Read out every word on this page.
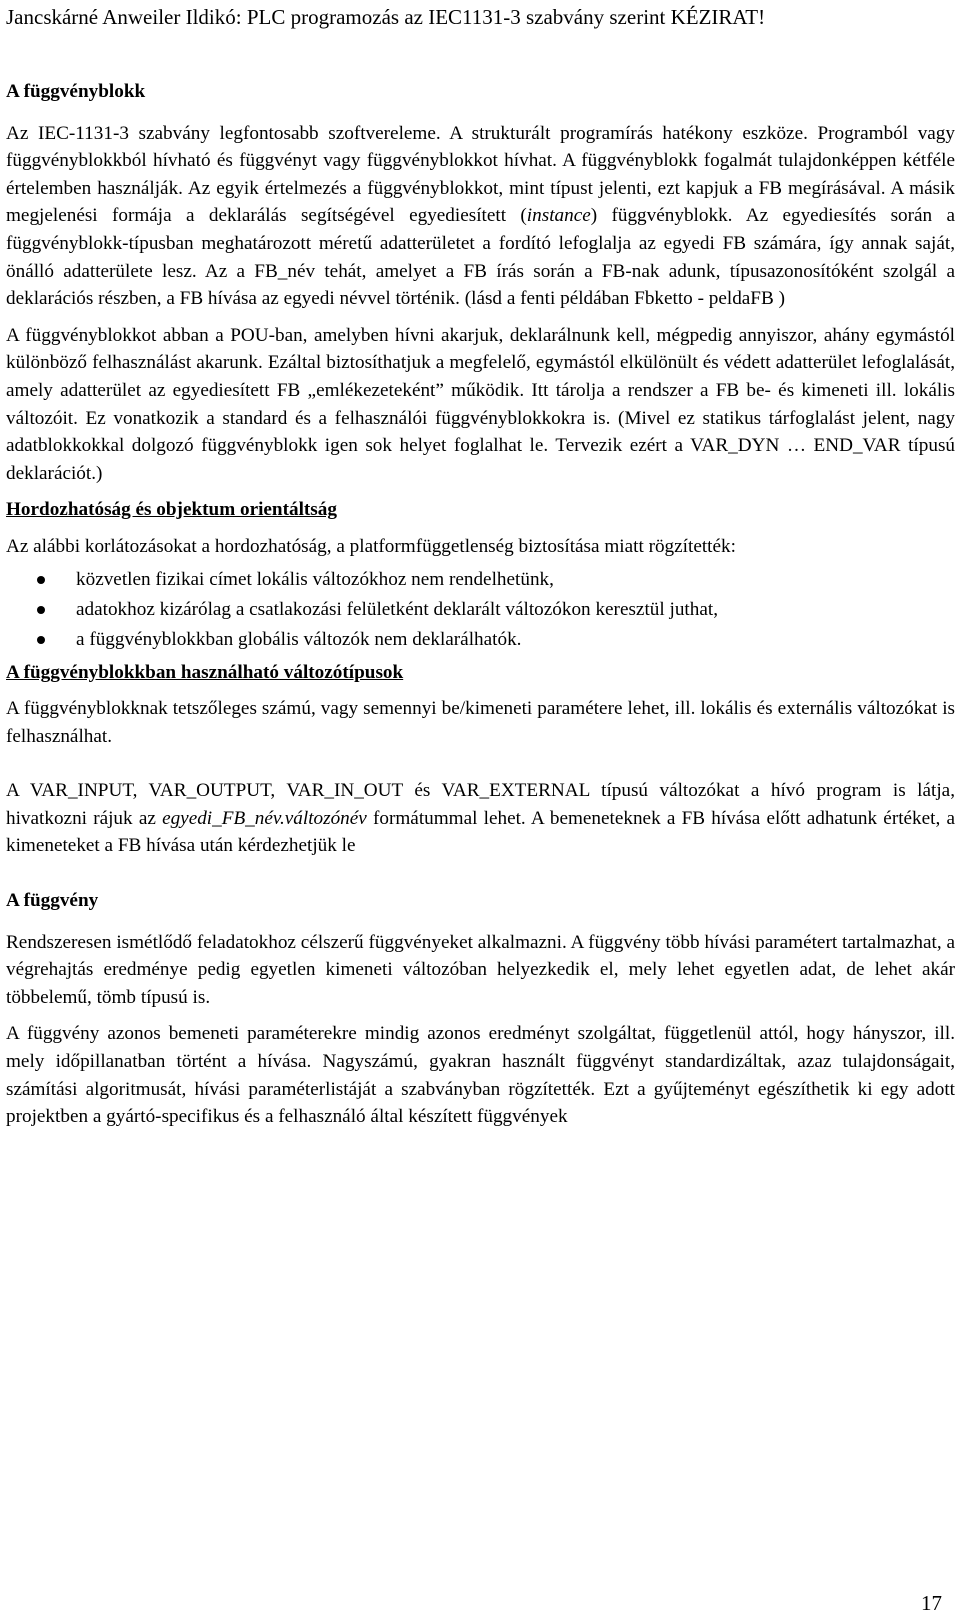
Jancskárné Anweiler Ildikó: PLC programozás az IEC1131-3 szabvány szerint KÉZIRAT!
A függvényblokk

Az IEC-1131-3 szabvány legfontosabb szoftvereleme. A strukturált programírás hatékony eszköze. Programból vagy függvényblokkból hívható és függvényt vagy függvényblokkot hívhat. A függvényblokk fogalmát tulajdonképpen kétféle értelemben használják. Az egyik értelmezés a függvényblokkot, mint típust jelenti, ezt kapjuk a FB megírásával. A másik megjelenési formája a deklarálás segítségével egyediesített (instance) függvényblokk. Az egyediesítés során a függvényblokk-típusban meghatározott méretű adatterületet a fordító lefoglalja az egyedi FB számára, így annak saját, önálló adatterülete lesz. Az a FB_név tehát, amelyet a FB írás során a FB-nak adunk, típusazonosítóként szolgál a deklarációs részben, a FB hívása az egyedi névvel történik. (lásd a fenti példában Fbketto - peldaFB )

A függvényblokkot abban a POU-ban, amelyben hívni akarjuk, deklarálnunk kell, mégpedig annyiszor, ahány egymástól különböző felhasználást akarunk. Ezáltal biztosíthatjuk a megfelelő, egymástól elkülönült és védett adatterület lefoglalását, amely adatterület az egyediesített FB „emlékezeteként” működik. Itt tárolja a rendszer a FB be- és kimeneti ill. lokális változóit. Ez vonatkozik a standard és a felhasználói függvényblokkokra is. (Mivel ez statikus tárfoglalást jelent, nagy adatblokkokkal dolgozó függvényblokk igen sok helyet foglalhat le. Tervezik ezért a VAR_DYN … END_VAR típusú deklarációt.)

Hordozhatóság és objektum orientáltság

Az alábbi korlátozásokat a hordozhatóság, a platformfüggetlenség biztosítása miatt rögzítették:

közvetlen fizikai címet lokális változókhoz nem rendelhetünk,
adatokhoz kizárólag a csatlakozási felületként deklarált változókon keresztül juthat,
a függvényblokkban globális változók nem deklarálhatók.
A függvényblokkban használható változótípusok

A függvényblokknak tetszőleges számú, vagy semennyi be/kimeneti paramétere lehet, ill. lokális és externális változókat is felhasználhat.

A VAR_INPUT, VAR_OUTPUT, VAR_IN_OUT és VAR_EXTERNAL típusú változókat a hívó program is látja, hivatkozni rájuk az egyedi_FB_név.változónév formátummal lehet. A bemeneteknek a FB hívása előtt adhatunk értéket, a kimeneteket a FB hívása után kérdezhetjük le

A függvény

Rendszeresen ismétlődő feladatokhoz célszerű függvényeket alkalmazni. A függvény több hívási paramétert tartalmazhat, a végrehajtás eredménye pedig egyetlen kimeneti változóban helyezkedik el, mely lehet egyetlen adat, de lehet akár többelemű, tömb típusú is.

A függvény azonos bemeneti paraméterekre mindig azonos eredményt szolgáltat, függetlenül attól, hogy hányszor, ill. mely időpillanatban történt a hívása. Nagyszámú, gyakran használt függvényt standardizáltak, azaz tulajdonságait, számítási algoritmusát, hívási paraméterlistáját a szabványban rögzítették. Ezt a gyűjteményt egészíthetik ki egy adott projektben a gyártó-specifikus és a felhasználó által készített függvények

17
